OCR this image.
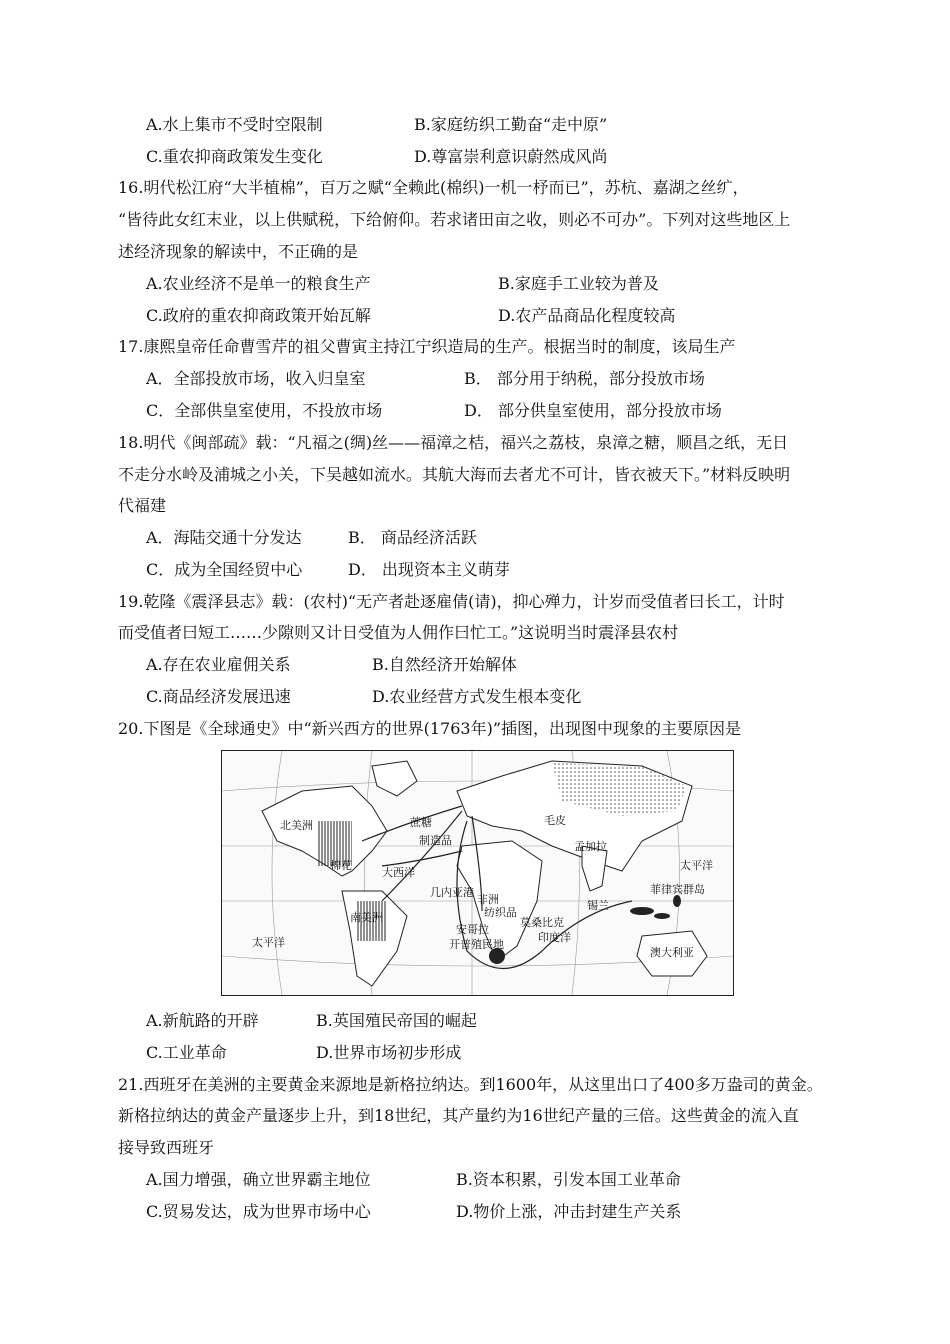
A.水上集市不受时空限制	B.家庭纺织工勤奋“走中原”
C.重农抑商政策发生变化	D.尊富崇利意识蔚然成风尚
16.明代松江府“大半植棉”，百万之赋“全赖此(棉织)一机一杼而已”，苏杭、嘉湖之丝纩，
“皆待此女红末业，以上供赋税，下给俯仰。若求诸田亩之收，则必不可办”。下列对这些地区上
述经济现象的解读中，不正确的是
A.农业经济不是单一的粮食生产	B.家庭手工业较为普及
C.政府的重农抑商政策开始瓦解	D.农产品商品化程度较高
17.康熙皇帝任命曹雪芹的祖父曹寅主持江宁织造局的生产。根据当时的制度，该局生产
A．全部投放市场，收入归皇室	B． 部分用于纳税，部分投放市场
C．全部供皇室使用，不投放市场	D． 部分供皇室使用，部分投放市场
18.明代《闽部疏》载：“凡福之(绸)丝——福漳之桔，福兴之荔枝，泉漳之糖，顺昌之纸，无日
不走分水岭及浦城之小关，下吴越如流水。其航大海而去者尤不可计，皆衣被天下。”材料反映明
代福建
A．海陆交通十分发达	B． 商品经济活跃
C．成为全国经贸中心	D． 出现资本主义萌芽
19.乾隆《震泽县志》载：(农村)“无产者赴逐雇倩(请)，抑心殚力，计岁而受值者曰长工，计时
而受值者曰短工……少隙则又计日受值为人佣作曰忙工。”这说明当时震泽县农村
A.存在农业雇佣关系	B.自然经济开始解体
C.商品经济发展迅速	D.农业经营方式发生根本变化
20.下图是《全球通史》中“新兴西方的世界(1763年)”插图，出现图中现象的主要原因是
北美洲
棉花
大西洋
南美洲
太平洋
几内亚港
非洲
安哥拉
开普殖民地
莫桑比克
印度洋
孟加拉
锡兰
太平洋
菲律宾群岛
澳大利亚
毛皮
制造品
纺织品
蔗糖
A.新航路的开辟	B.英国殖民帝国的崛起
C.工业革命	D.世界市场初步形成
21.西班牙在美洲的主要黄金来源地是新格拉纳达。到1600年，从这里出口了400多万盎司的黄金。
新格拉纳达的黄金产量逐步上升，到18世纪，其产量约为16世纪产量的三倍。这些黄金的流入直
接导致西班牙
A.国力增强，确立世界霸主地位	B.资本积累，引发本国工业革命
C.贸易发达，成为世界市场中心	D.物价上涨，冲击封建生产关系
